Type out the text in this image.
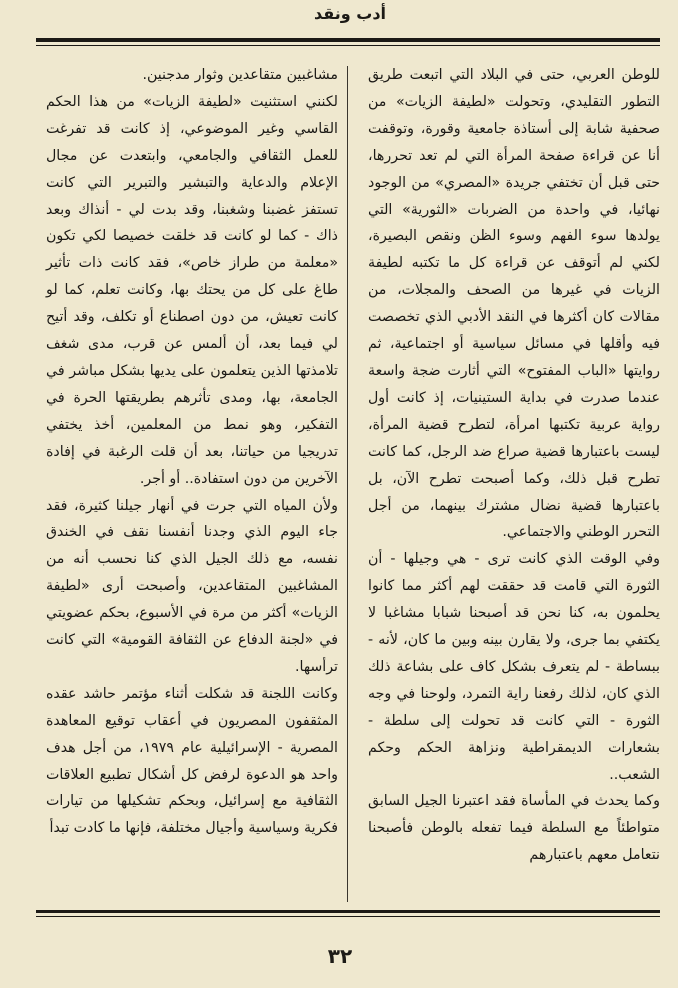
أدب ونقد

للوطن العربي، حتى في البلاد التي اتبعت طريق التطور التقليدي، وتحولت «لطيفة الزيات» من صحفية شابة إلى أستاذة جامعية وقورة، وتوقفت أنا عن قراءة صفحة المرأة التي لم تعد تحررها، حتى قبل أن تختفي جريدة «المصري» من الوجود نهائيا، في واحدة من الضربات «الثورية» التي يولدها سوء الفهم وسوء الظن ونقص البصيرة، لكني لم أتوقف عن قراءة كل ما تكتبه لطيفة الزيات في غيرها من الصحف والمجلات، من مقالات كان أكثرها في النقد الأدبي الذي تخصصت فيه وأقلها في مسائل سياسية أو اجتماعية، ثم روايتها «الباب المفتوح» التي أثارت ضجة واسعة عندما صدرت في بداية الستينيات، إذ كانت أول رواية عربية تكتبها امرأة، لتطرح قضية المرأة، ليست باعتبارها قضية صراع ضد الرجل، كما كانت تطرح قبل ذلك، وكما أصبحت تطرح الآن، بل باعتبارها قضية نضال مشترك بينهما، من أجل التحرر الوطني والاجتماعي.

وفي الوقت الذي كانت ترى - هي وجيلها - أن الثورة التي قامت قد حققت لهم أكثر مما كانوا يحلمون به، كنا نحن قد أصبحنا شبابا مشاغبا لا يكتفي بما جرى، ولا يقارن بينه وبين ما كان، لأنه - ببساطة - لم يتعرف بشكل كاف على بشاعة ذلك الذي كان، لذلك رفعنا راية التمرد، ولوحنا في وجه الثورة - التي كانت قد تحولت إلى سلطة - بشعارات الديمقراطية ونزاهة الحكم وحكم الشعب..

وكما يحدث في المأساة فقد اعتبرنا الجيل السابق متواطئاً مع السلطة فيما تفعله بالوطن فأصبحنا نتعامل معهم باعتبارهم

مشاغبين متقاعدين وثوار مدجنين.

لكنني استثنيت «لطيفة الزيات» من هذا الحكم القاسي وغير الموضوعي، إذ كانت قد تفرغت للعمل الثقافي والجامعي، وابتعدت عن مجال الإعلام والدعاية والتبشير والتبرير التي كانت تستفز غضبنا وشغبنا، وقد بدت لي - أنذاك وبعد ذاك - كما لو كانت قد خلقت خصيصا لكي تكون «معلمة من طراز خاص»، فقد كانت ذات تأثير طاغ على كل من يحتك بها، وكانت تعلم، كما لو كانت تعيش، من دون اصطناع أو تكلف، وقد أتيح لي فيما بعد، أن ألمس عن قرب، مدى شغف تلامذتها الذين يتعلمون على يديها بشكل مباشر في الجامعة، بها، ومدى تأثرهم بطريقتها الحرة في التفكير، وهو نمط من المعلمين، أخذ يختفي تدريجيا من حياتنا، بعد أن قلت الرغبة في إفادة الآخرين من دون استفادة.. أو أجر.

ولأن المياه التي جرت في أنهار جيلنا كثيرة، فقد جاء اليوم الذي وجدنا أنفسنا نقف في الخندق نفسه، مع ذلك الجيل الذي كنا نحسب أنه من المشاغبين المتقاعدين، وأصبحت أرى «لطيفة الزيات» أكثر من مرة في الأسبوع، بحكم عضويتي في «لجنة الدفاع عن الثقافة القومية» التي كانت ترأسها.

وكانت اللجنة قد شكلت أثناء مؤتمر حاشد عقده المثقفون المصريون في أعقاب توقيع المعاهدة المصرية - الإسرائيلية عام ١٩٧٩، من أجل هدف واحد هو الدعوة لرفض كل أشكال تطبيع العلاقات الثقافية مع إسرائيل، وبحكم تشكيلها من تيارات فكرية وسياسية وأجيال مختلفة، فإنها ما كادت تبدأ

٣٢
